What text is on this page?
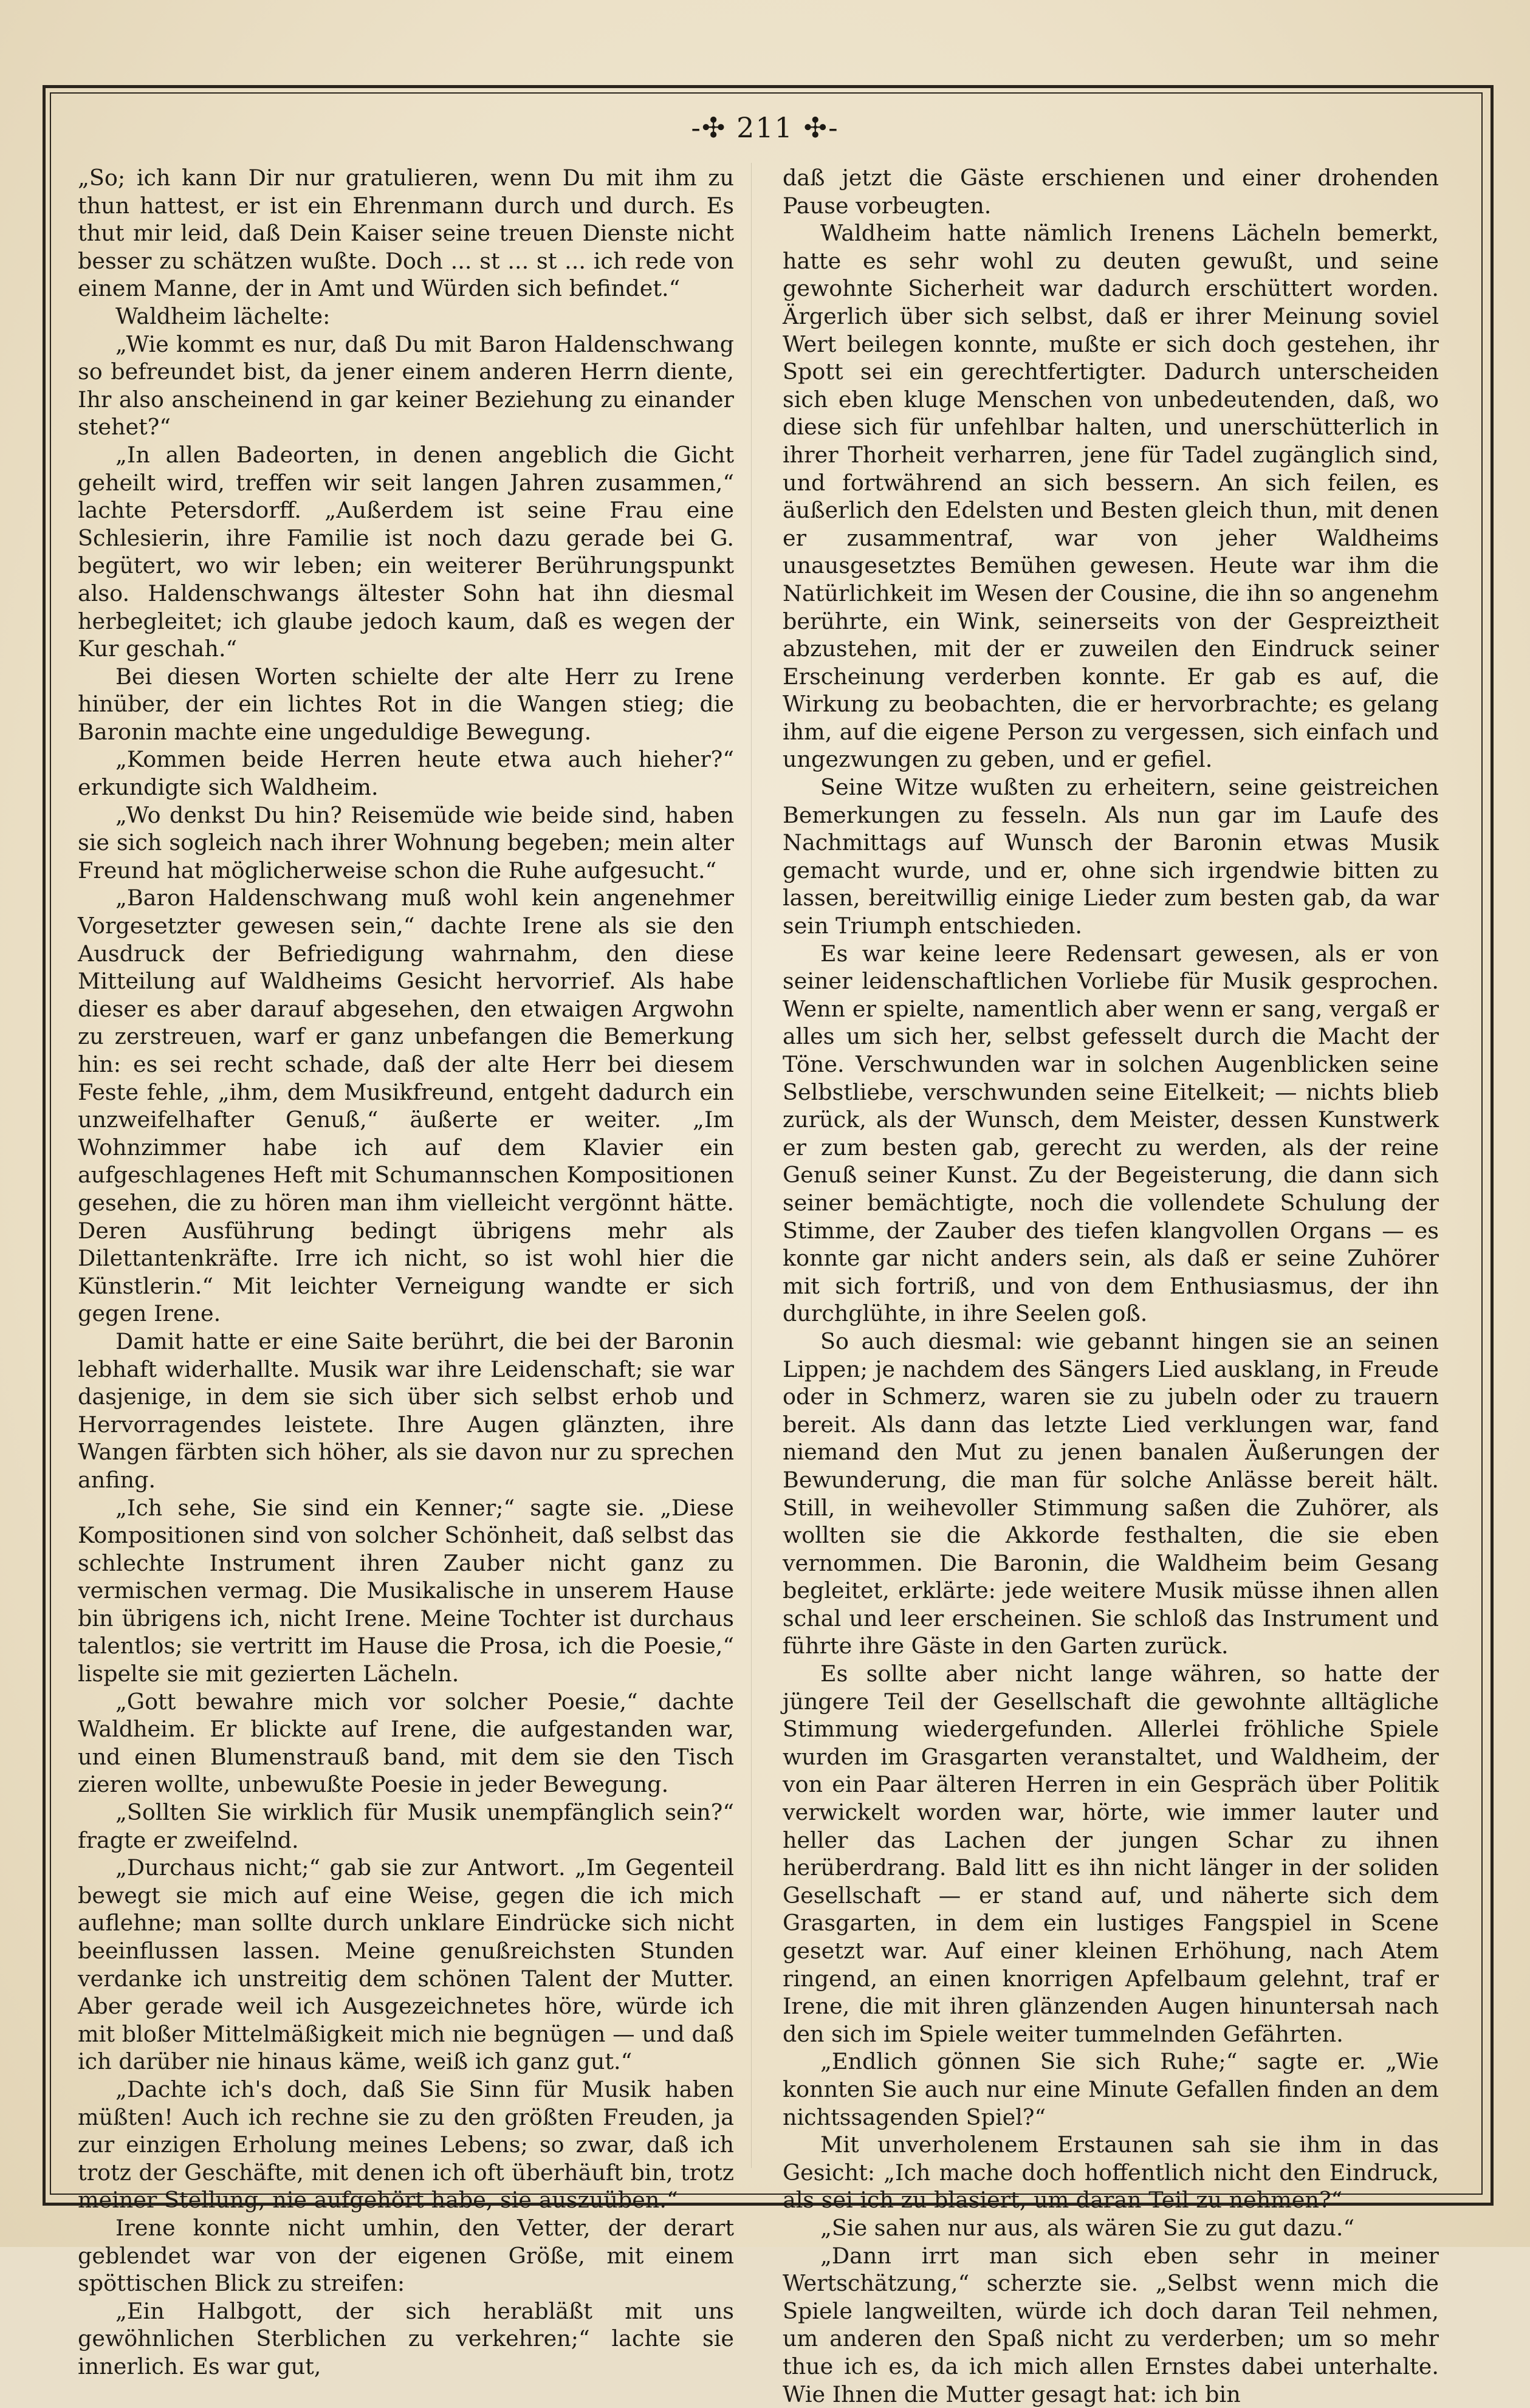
-✣ 211 ✣-

„So; ich kann Dir nur gratulieren, wenn Du mit ihm zu thun hattest, er ist ein Ehrenmann durch und durch. Es thut mir leid, daß Dein Kaiser seine treuen Dienste nicht besser zu schätzen wußte. Doch ... st ... st ... ich rede von einem Manne, der in Amt und Würden sich befindet.“

Waldheim lächelte:

„Wie kommt es nur, daß Du mit Baron Haldenschwang so befreundet bist, da jener einem anderen Herrn diente, Ihr also anscheinend in gar keiner Beziehung zu einander stehet?“

„In allen Badeorten, in denen angeblich die Gicht geheilt wird, treffen wir seit langen Jahren zusammen,“ lachte Petersdorff. „Außerdem ist seine Frau eine Schlesierin, ihre Familie ist noch dazu gerade bei G. begütert, wo wir leben; ein weiterer Berührungspunkt also. Haldenschwangs ältester Sohn hat ihn diesmal herbegleitet; ich glaube jedoch kaum, daß es wegen der Kur geschah.“

Bei diesen Worten schielte der alte Herr zu Irene hinüber, der ein lichtes Rot in die Wangen stieg; die Baronin machte eine ungeduldige Bewegung.

„Kommen beide Herren heute etwa auch hieher?“ erkundigte sich Waldheim.

„Wo denkst Du hin? Reisemüde wie beide sind, haben sie sich sogleich nach ihrer Wohnung begeben; mein alter Freund hat möglicherweise schon die Ruhe aufgesucht.“

„Baron Haldenschwang muß wohl kein angenehmer Vorgesetzter gewesen sein,“ dachte Irene als sie den Ausdruck der Befriedigung wahrnahm, den diese Mitteilung auf Waldheims Gesicht hervorrief. Als habe dieser es aber darauf abgesehen, den etwaigen Argwohn zu zerstreuen, warf er ganz unbefangen die Bemerkung hin: es sei recht schade, daß der alte Herr bei diesem Feste fehle, „ihm, dem Musikfreund, entgeht dadurch ein unzweifelhafter Genuß,“ äußerte er weiter. „Im Wohnzimmer habe ich auf dem Klavier ein aufgeschlagenes Heft mit Schumannschen Kompositionen gesehen, die zu hören man ihm vielleicht vergönnt hätte. Deren Ausführung bedingt übrigens mehr als Dilettantenkräfte. Irre ich nicht, so ist wohl hier die Künstlerin.“ Mit leichter Verneigung wandte er sich gegen Irene.

Damit hatte er eine Saite berührt, die bei der Baronin lebhaft widerhallte. Musik war ihre Leidenschaft; sie war dasjenige, in dem sie sich über sich selbst erhob und Hervorragendes leistete. Ihre Augen glänzten, ihre Wangen färbten sich höher, als sie davon nur zu sprechen anfing.

„Ich sehe, Sie sind ein Kenner;“ sagte sie. „Diese Kompositionen sind von solcher Schönheit, daß selbst das schlechte Instrument ihren Zauber nicht ganz zu vermischen vermag. Die Musikalische in unserem Hause bin übrigens ich, nicht Irene. Meine Tochter ist durchaus talentlos; sie vertritt im Hause die Prosa, ich die Poesie,“ lispelte sie mit gezierten Lächeln.

„Gott bewahre mich vor solcher Poesie,“ dachte Waldheim. Er blickte auf Irene, die aufgestanden war, und einen Blumenstrauß band, mit dem sie den Tisch zieren wollte, unbewußte Poesie in jeder Bewegung.

„Sollten Sie wirklich für Musik unempfänglich sein?“ fragte er zweifelnd.

„Durchaus nicht;“ gab sie zur Antwort. „Im Gegenteil bewegt sie mich auf eine Weise, gegen die ich mich auflehne; man sollte durch unklare Eindrücke sich nicht beeinflussen lassen. Meine genußreichsten Stunden verdanke ich unstreitig dem schönen Talent der Mutter. Aber gerade weil ich Ausgezeichnetes höre, würde ich mit bloßer Mittelmäßigkeit mich nie begnügen — und daß ich darüber nie hinaus käme, weiß ich ganz gut.“

„Dachte ich's doch, daß Sie Sinn für Musik haben müßten! Auch ich rechne sie zu den größten Freuden, ja zur einzigen Erholung meines Lebens; so zwar, daß ich trotz der Geschäfte, mit denen ich oft überhäuft bin, trotz meiner Stellung, nie aufgehört habe, sie auszuüben.“

Irene konnte nicht umhin, den Vetter, der derart geblendet war von der eigenen Größe, mit einem spöttischen Blick zu streifen:

„Ein Halbgott, der sich herabläßt mit uns gewöhnlichen Sterblichen zu verkehren;“ lachte sie innerlich. Es war gut,

daß jetzt die Gäste erschienen und einer drohenden Pause vorbeugten.

Waldheim hatte nämlich Irenens Lächeln bemerkt, hatte es sehr wohl zu deuten gewußt, und seine gewohnte Sicherheit war dadurch erschüttert worden. Ärgerlich über sich selbst, daß er ihrer Meinung soviel Wert beilegen konnte, mußte er sich doch gestehen, ihr Spott sei ein gerechtfertigter. Dadurch unterscheiden sich eben kluge Menschen von unbedeutenden, daß, wo diese sich für unfehlbar halten, und unerschütterlich in ihrer Thorheit verharren, jene für Tadel zugänglich sind, und fortwährend an sich bessern. An sich feilen, es äußerlich den Edelsten und Besten gleich thun, mit denen er zusammentraf, war von jeher Waldheims unausgesetztes Bemühen gewesen. Heute war ihm die Natürlichkeit im Wesen der Cousine, die ihn so angenehm berührte, ein Wink, seinerseits von der Gespreiztheit abzustehen, mit der er zuweilen den Eindruck seiner Erscheinung verderben konnte. Er gab es auf, die Wirkung zu beobachten, die er hervorbrachte; es gelang ihm, auf die eigene Person zu vergessen, sich einfach und ungezwungen zu geben, und er gefiel.

Seine Witze wußten zu erheitern, seine geistreichen Bemerkungen zu fesseln. Als nun gar im Laufe des Nachmittags auf Wunsch der Baronin etwas Musik gemacht wurde, und er, ohne sich irgendwie bitten zu lassen, bereitwillig einige Lieder zum besten gab, da war sein Triumph entschieden.

Es war keine leere Redensart gewesen, als er von seiner leidenschaftlichen Vorliebe für Musik gesprochen. Wenn er spielte, namentlich aber wenn er sang, vergaß er alles um sich her, selbst gefesselt durch die Macht der Töne. Verschwunden war in solchen Augenblicken seine Selbstliebe, verschwunden seine Eitelkeit; — nichts blieb zurück, als der Wunsch, dem Meister, dessen Kunstwerk er zum besten gab, gerecht zu werden, als der reine Genuß seiner Kunst. Zu der Begeisterung, die dann sich seiner bemächtigte, noch die vollendete Schulung der Stimme, der Zauber des tiefen klangvollen Organs — es konnte gar nicht anders sein, als daß er seine Zuhörer mit sich fortriß, und von dem Enthusiasmus, der ihn durchglühte, in ihre Seelen goß.

So auch diesmal: wie gebannt hingen sie an seinen Lippen; je nachdem des Sängers Lied ausklang, in Freude oder in Schmerz, waren sie zu jubeln oder zu trauern bereit. Als dann das letzte Lied verklungen war, fand niemand den Mut zu jenen banalen Äußerungen der Bewunderung, die man für solche Anlässe bereit hält. Still, in weihevoller Stimmung saßen die Zuhörer, als wollten sie die Akkorde festhalten, die sie eben vernommen. Die Baronin, die Waldheim beim Gesang begleitet, erklärte: jede weitere Musik müsse ihnen allen schal und leer erscheinen. Sie schloß das Instrument und führte ihre Gäste in den Garten zurück.

Es sollte aber nicht lange währen, so hatte der jüngere Teil der Gesellschaft die gewohnte alltägliche Stimmung wiedergefunden. Allerlei fröhliche Spiele wurden im Grasgarten veranstaltet, und Waldheim, der von ein Paar älteren Herren in ein Gespräch über Politik verwickelt worden war, hörte, wie immer lauter und heller das Lachen der jungen Schar zu ihnen herüberdrang. Bald litt es ihn nicht länger in der soliden Gesellschaft — er stand auf, und näherte sich dem Grasgarten, in dem ein lustiges Fangspiel in Scene gesetzt war. Auf einer kleinen Erhöhung, nach Atem ringend, an einen knorrigen Apfelbaum gelehnt, traf er Irene, die mit ihren glänzenden Augen hinuntersah nach den sich im Spiele weiter tummelnden Gefährten.

„Endlich gönnen Sie sich Ruhe;“ sagte er. „Wie konnten Sie auch nur eine Minute Gefallen finden an dem nichtssagenden Spiel?“

Mit unverholenem Erstaunen sah sie ihm in das Gesicht: „Ich mache doch hoffentlich nicht den Eindruck, als sei ich zu blasiert, um daran Teil zu nehmen?“

„Sie sahen nur aus, als wären Sie zu gut dazu.“

„Dann irrt man sich eben sehr in meiner Wertschätzung,“ scherzte sie. „Selbst wenn mich die Spiele langweilten, würde ich doch daran Teil nehmen, um anderen den Spaß nicht zu verderben; um so mehr thue ich es, da ich mich allen Ernstes dabei unterhalte. Wie Ihnen die Mutter gesagt hat: ich bin
